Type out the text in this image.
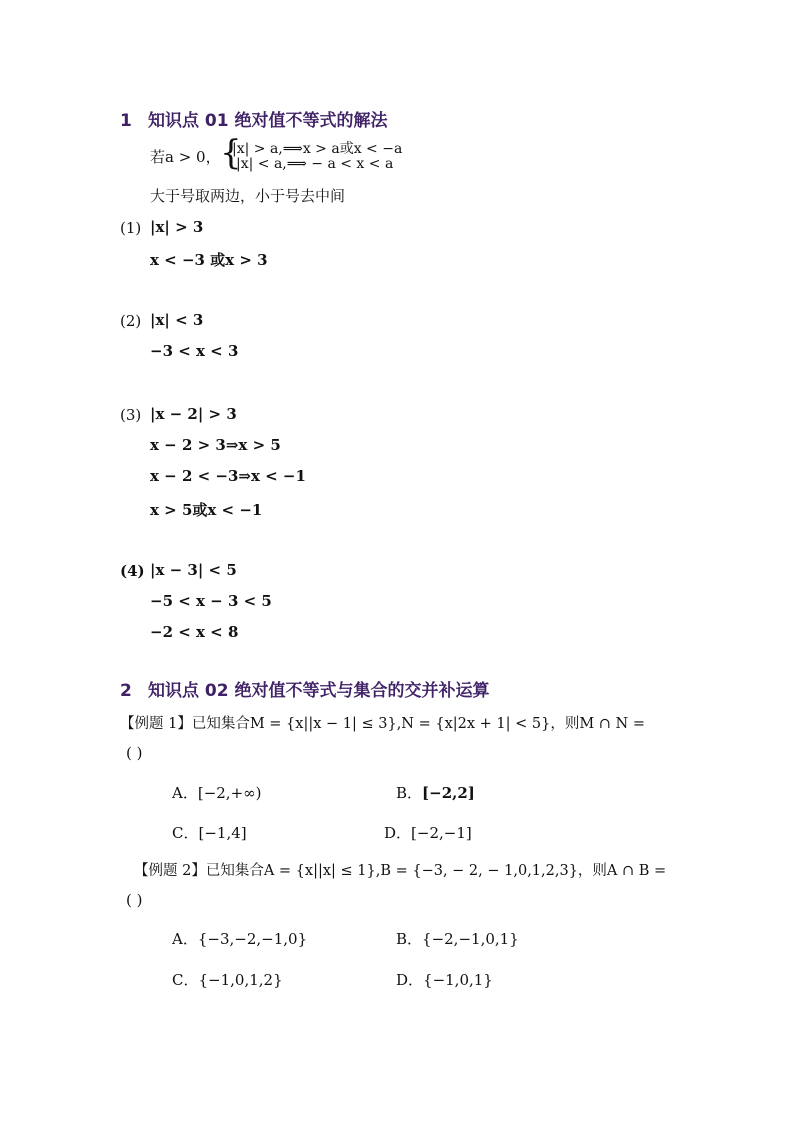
1 知识点 01 绝对值不等式的解法
若a > 0， {
|x| > a,⟹x > a或x < −a
|x| < a,⟹ − a < x < a
大于号取两边，小于号去中间
(1) |x| > 3
x < −3 或x > 3
(2) |x| < 3
−3 < x < 3
(3) |x − 2| > 3
x − 2 > 3⇒x > 5
x − 2 < −3⇒x < −1
x > 5或x < −1
(4) |x − 3| < 5
−5 < x − 3 < 5
−2 < x < 8
2 知识点 02 绝对值不等式与集合的交并补运算
【例题 1】已知集合M = {x||x − 1| ≤ 3},N = {x|2x + 1| < 5}，则M ∩ N =
( )
A．[−2,+∞)	B．[−2,2]
C．[−1,4]	D．[−2,−1]
【例题 2】已知集合A = {x||x| ≤ 1},B = {−3, − 2, − 1,0,1,2,3}，则A ∩ B =
( )
A．{−3,−2,−1,0}	B．{−2,−1,0,1}
C．{−1,0,1,2}	D．{−1,0,1}
